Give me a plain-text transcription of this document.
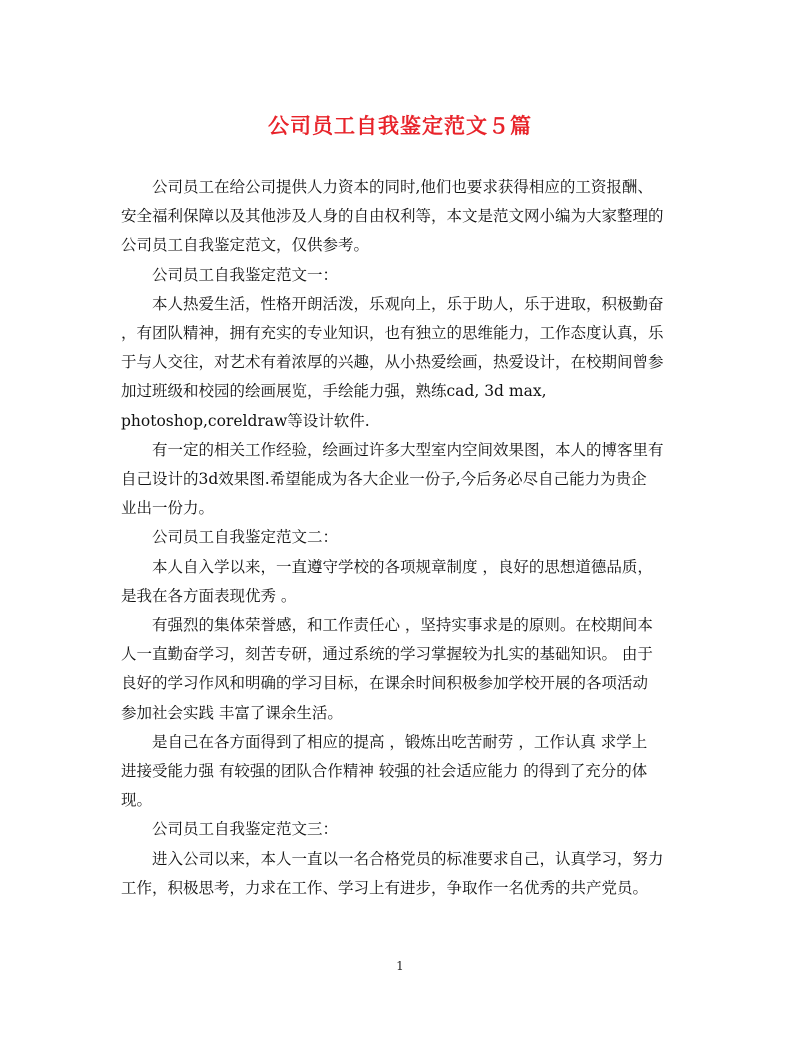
公司员工自我鉴定范文５篇

公司员工在给公司提供人力资本的同时,他们也要求获得相应的工资报酬、
安全福利保障以及其他涉及人身的自由权利等，本文是范文网小编为大家整理的
公司员工自我鉴定范文，仅供参考。

公司员工自我鉴定范文一：

本人热爱生活，性格开朗活泼，乐观向上，乐于助人，乐于进取，积极勤奋
，有团队精神，拥有充实的专业知识，也有独立的思维能力，工作态度认真，乐
于与人交往，对艺术有着浓厚的兴趣，从小热爱绘画，热爱设计，在校期间曾参
加过班级和校园的绘画展览，手绘能力强，熟练cad, 3d max,
photoshop,coreldraw等设计软件.

有一定的相关工作经验，绘画过许多大型室内空间效果图，本人的博客里有
自己设计的3d效果图.希望能成为各大企业一份子,今后务必尽自己能力为贵企
业出一份力。

公司员工自我鉴定范文二：

本人自入学以来，一直遵守学校的各项规章制度 ，良好的思想道德品质，
是我在各方面表现优秀 。

有强烈的集体荣誉感，和工作责任心 ，坚持实事求是的原则。在校期间本
人一直勤奋学习，刻苦专研，通过系统的学习掌握较为扎实的基础知识。 由于
良好的学习作风和明确的学习目标，在课余时间积极参加学校开展的各项活动
参加社会实践 丰富了课余生活。

是自己在各方面得到了相应的提高 ，锻炼出吃苦耐劳 ，工作认真 求学上
进接受能力强 有较强的团队合作精神 较强的社会适应能力 的得到了充分的体
现。

公司员工自我鉴定范文三：

进入公司以来，本人一直以一名合格党员的标准要求自己，认真学习，努力
工作，积极思考，力求在工作、学习上有进步，争取作一名优秀的共产党员。

1
